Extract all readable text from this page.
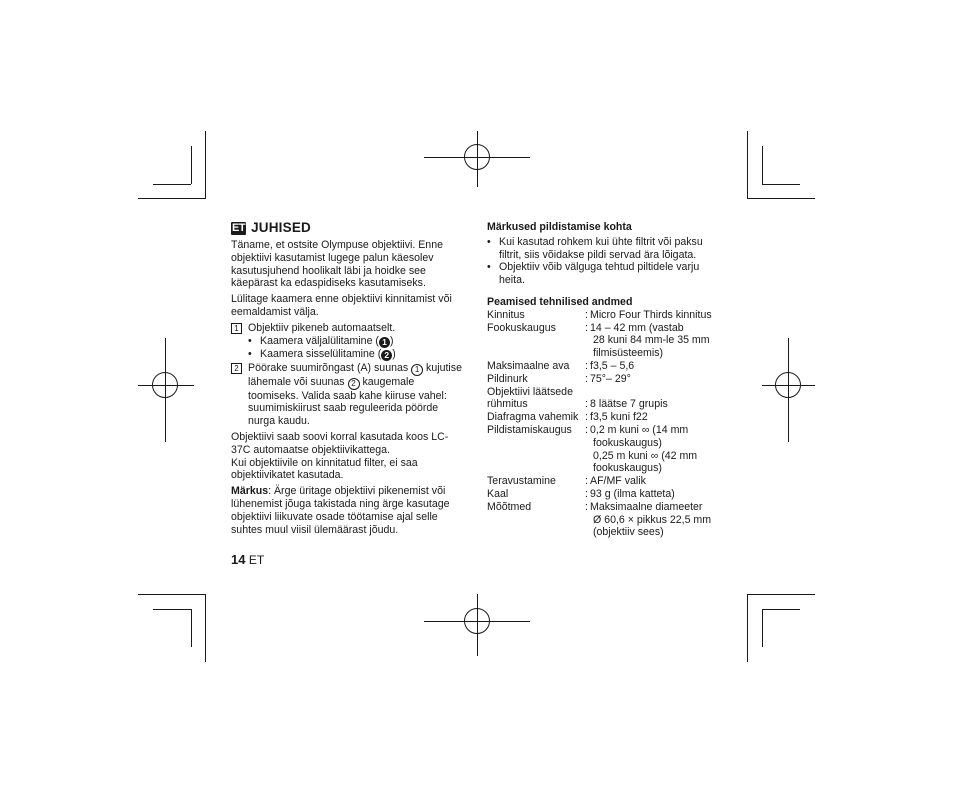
ET JUHISED

Täname, et ostsite Olympuse objektiivi. Enne objektiivi kasutamist lugege palun käesolev kasutusjuhend hoolikalt läbi ja hoidke see käepärast ka edaspidiseks kasutamiseks.

Lülitage kaamera enne objektiivi kinnitamist või eemaldamist välja.

1 Objektiiv pikeneb automaatselt.
• Kaamera väljalülitamine ( 1 )
• Kaamera sisselülitamine ( 2 )
2 Pöörake suumirõngast (A) suunas 1 kujutise lähemale või suunas 2 kaugemale toomiseks. Valida saab kahe kiiruse vahel: suumimiskiirust saab reguleerida pöörde nurga kaudu.

Objektiivi saab soovi korral kasutada koos LC-37C automaatse objektiivikattega.

Kui objektiivile on kinnitatud filter, ei saa objektiivikatet kasutada.

Märkus: Ärge üritage objektiivi pikenemist või lühenemist jõuga takistada ning ärge kasutage objektiivi liikuvate osade töötamise ajal selle suhtes muul viisil ülemäärast jõudu.

14 ET
Märkused pildistamise kohta
• Kui kasutad rohkem kui ühte filtrit või paksu filtrit, siis võidakse pildi servad ära lõigata.
• Objektiiv võib välguga tehtud piltidele varju heita.
Peamised tehnilised andmed
Kinnitus	:	Micro Four Thirds kinnitus

Fookuskaugus	:	14 – 42 mm (vastab
28 kuni 84 mm-le 35 mm
filmisüsteemis)

Maksimaalne ava	:	f3,5 – 5,6

Pildinurk	:	75°– 29°

Objektiivi läätsede		

rühmitus	:	8 läätse 7 grupis

Diafragma vahemik	:	f3,5 kuni f22

Pildistamiskaugus	:	0,2 m kuni ∞ (14 mm
fookuskaugus)
0,25 m kuni ∞ (42 mm
fookuskaugus)

Teravustamine	:	AF/MF valik

Kaal	:	93 g (ilma katteta)

Mõõtmed	:	Maksimaalne diameeter
Ø 60,6 × pikkus 22,5 mm
(objektiiv sees)
